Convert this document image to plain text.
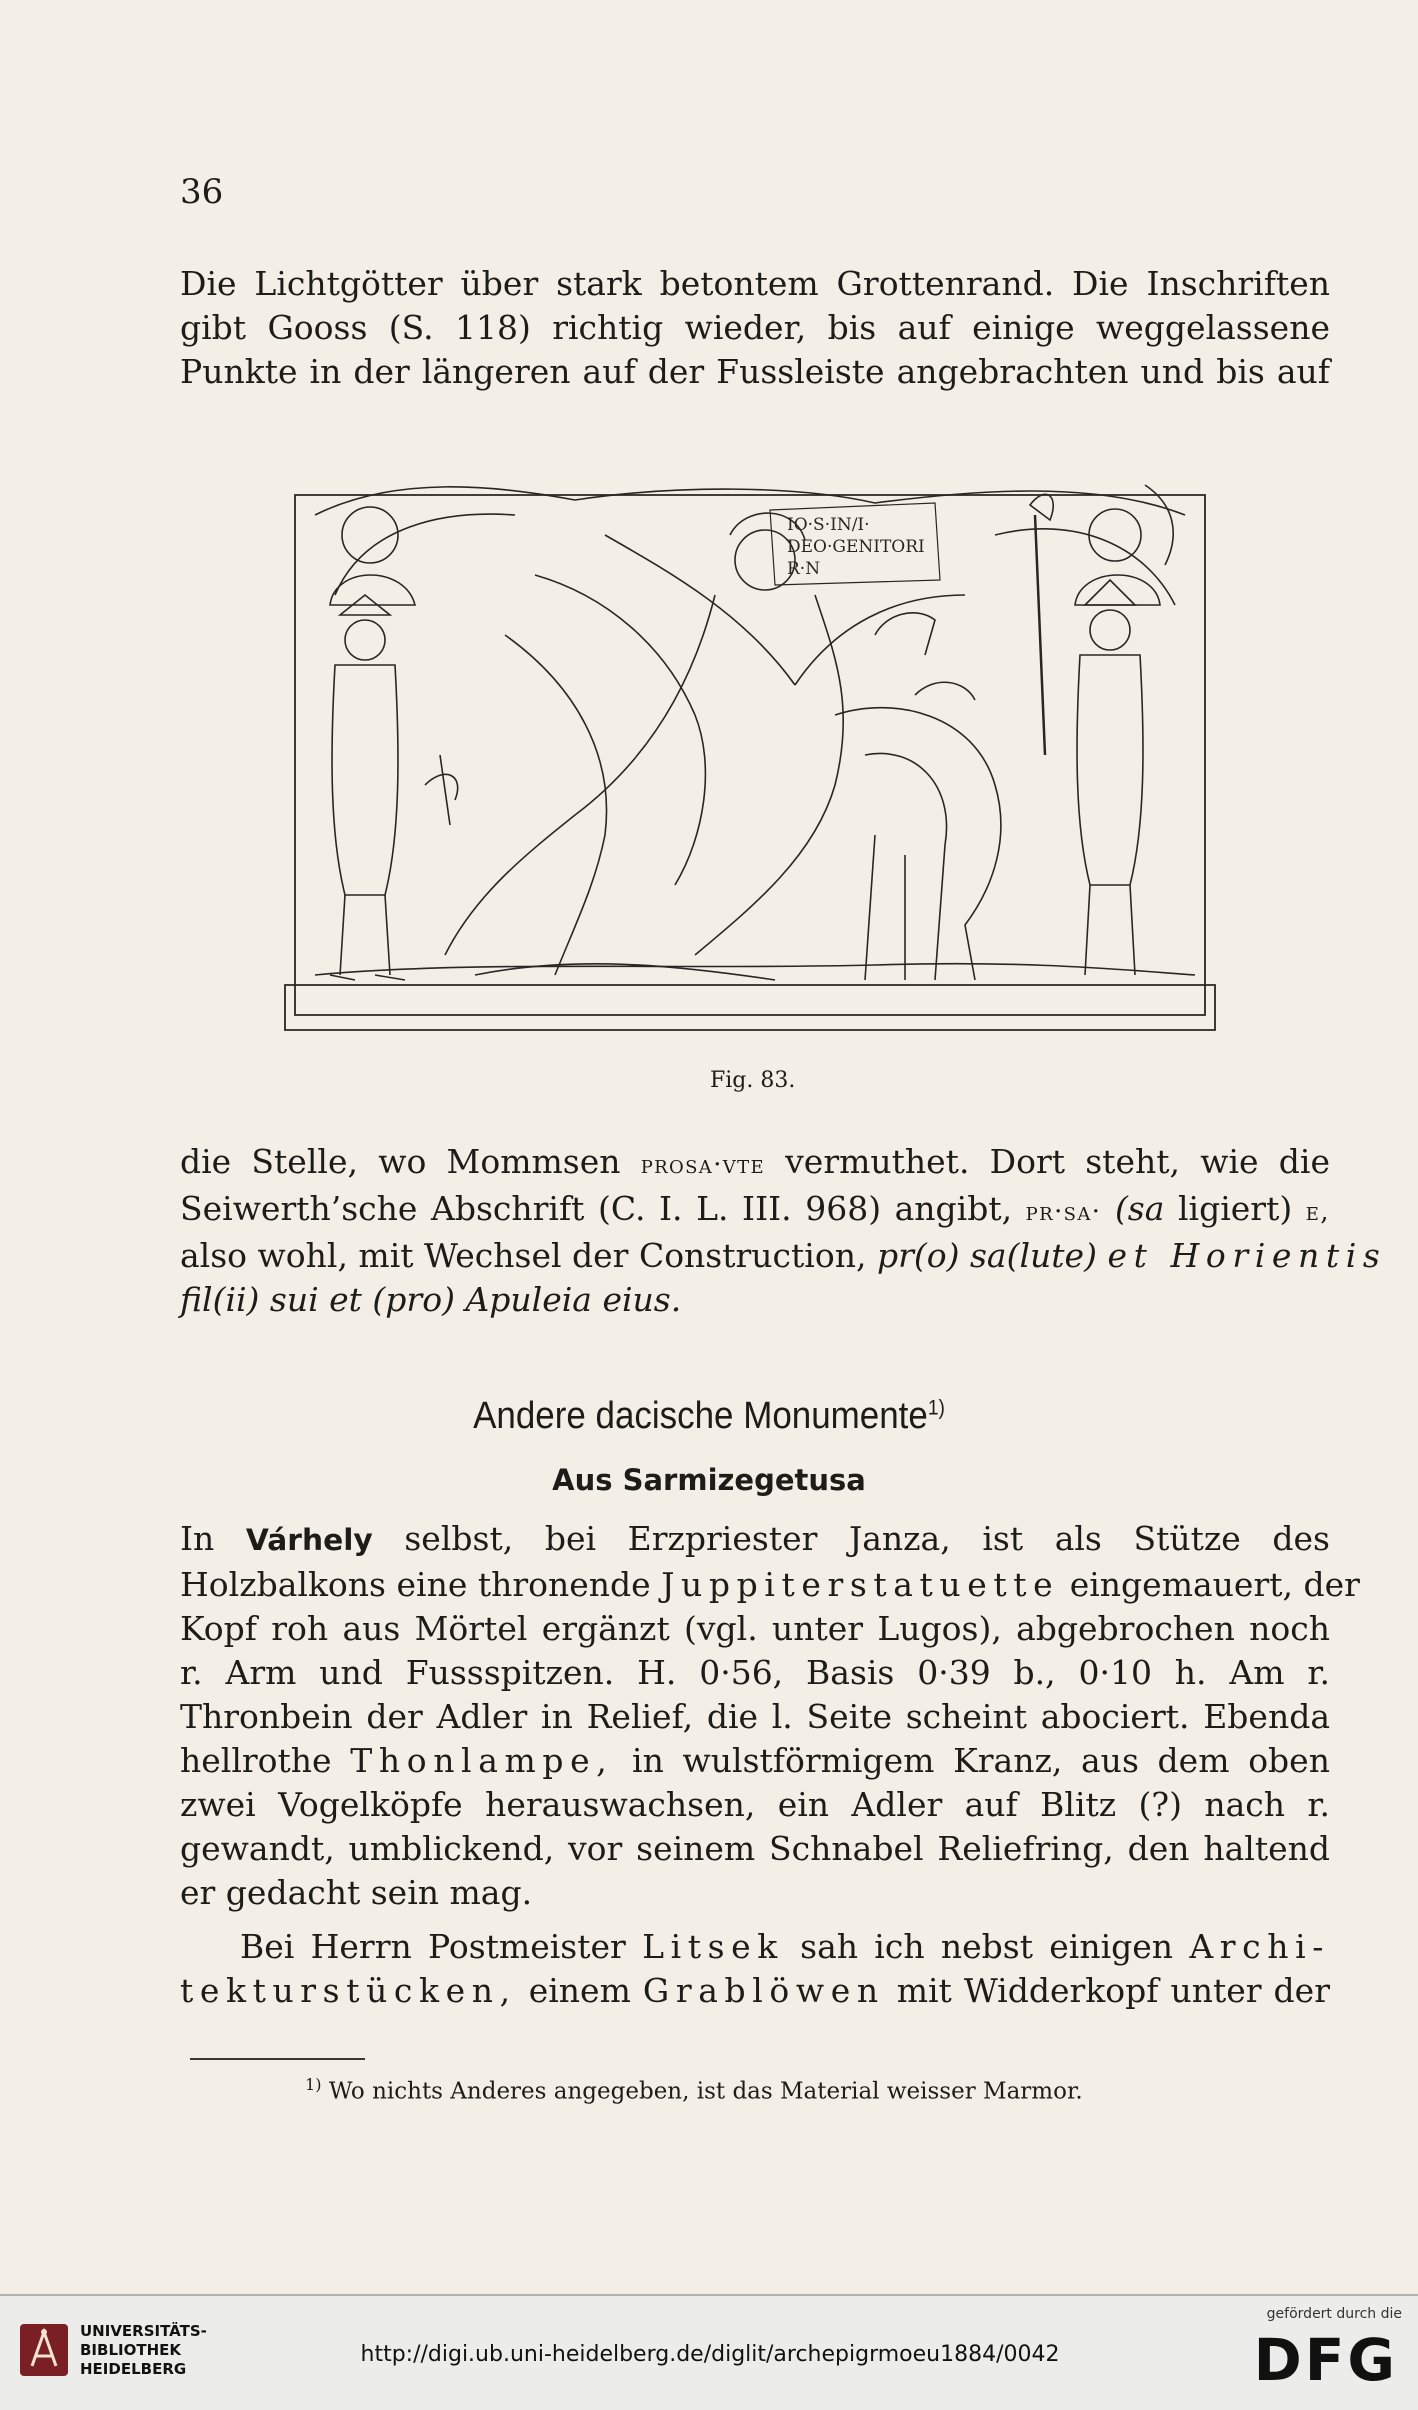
36
Die Lichtgötter über stark betontem Grottenrand. Die Inschriften
gibt Gooss (S. 118) richtig wieder, bis auf einige weggelassene
Punkte in der längeren auf der Fussleiste angebrachten und bis auf
IO·S·IN/I·
DEO·GENITORI
R·N
Fig. 83.
die Stelle, wo Mommsen prosa·vte vermuthet. Dort steht, wie die
Seiwerth’sche Abschrift (C. I. L. III. 968) angibt, pr·sa· (sa ligiert) e,
also wohl, mit Wechsel der Construction, pr(o) sa(lute) et Horientis
fil(ii) sui et (pro) Apuleia eius.
Andere dacische Monumente$^{1)}$
Aus Sarmizegetusa
In Várhely selbst, bei Erzpriester Janza, ist als Stütze des
Holzbalkons eine thronende Juppiterstatuette eingemauert, der
Kopf roh aus Mörtel ergänzt (vgl. unter Lugos), abgebrochen noch
r. Arm und Fussspitzen. H. 0·56, Basis 0·39 b., 0·10 h. Am r.
Thronbein der Adler in Relief, die l. Seite scheint abociert. Ebenda
hellrothe Thonlampe, in wulstförmigem Kranz, aus dem oben
zwei Vogelköpfe herauswachsen, ein Adler auf Blitz (?) nach r.
gewandt, umblickend, vor seinem Schnabel Reliefring, den haltend
er gedacht sein mag.
Bei Herrn Postmeister Litsek sah ich nebst einigen Archi-
tekturstücken, einem Grablöwen mit Widderkopf unter der
$^{1)}$ Wo nichts Anderes angegeben, ist das Material weisser Marmor.
UNIVERSITÄTS-
BIBLIOTHEK
HEIDELBERG
http://digi.ub.uni-heidelberg.de/diglit/archepigrmoeu1884/0042
gefördert durch die
DFG
